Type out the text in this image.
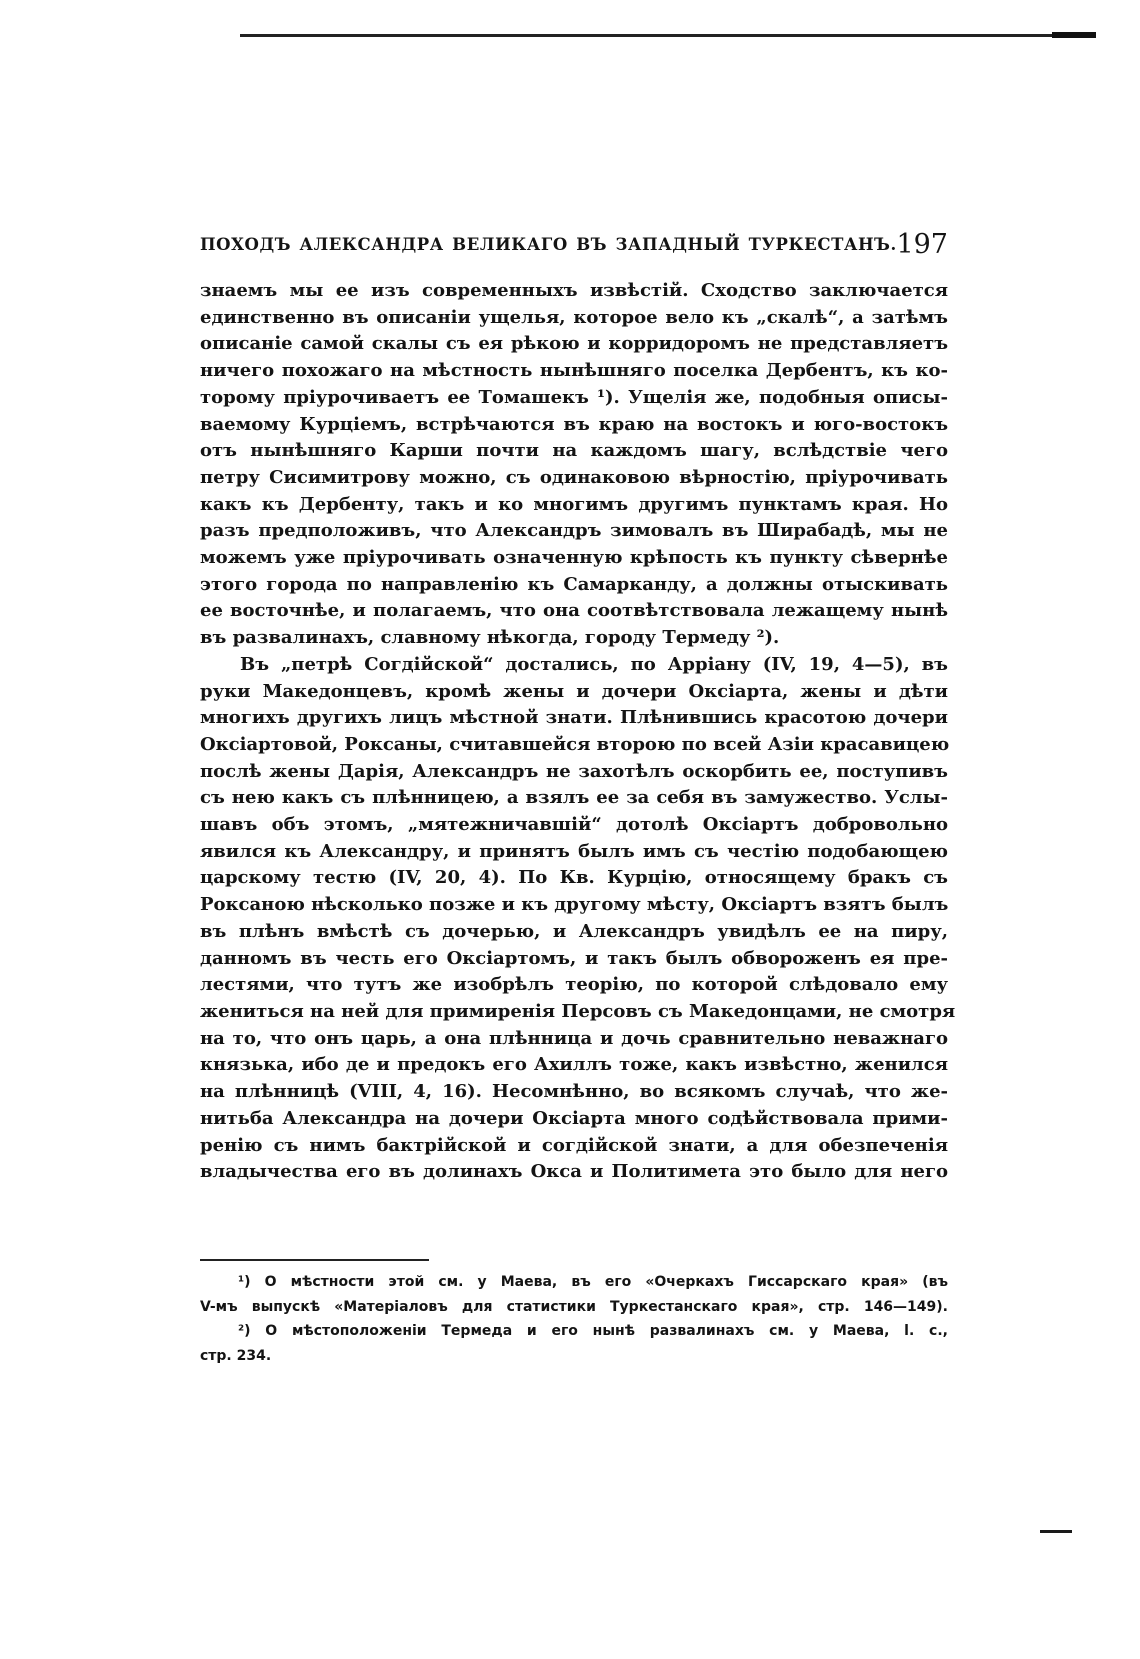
ПОХОДЪ АЛЕКСАНДРА ВЕЛИКАГО ВЪ ЗАПАДНЫЙ ТУРКЕСТАНЪ. 197

знаемъ мы ее изъ современныхъ извѣстій. Сходство заключается
единственно въ описаніи ущелья, которое вело къ „скалѣ“, а затѣмъ
описаніе самой скалы съ ея рѣкою и корридоромъ не представляетъ
ничего похожаго на мѣстность нынѣшняго поселка Дербентъ, къ ко-
торому пріурочиваетъ ее Томашекъ ¹). Ущелія же, подобныя описы-
ваемому Курціемъ, встрѣчаются въ краю на востокъ и юго-востокъ
отъ нынѣшняго Карши почти на каждомъ шагу, вслѣдствіе чего
петру Сисимитрову можно, съ одинаковою вѣрностію, пріурочивать
какъ къ Дербенту, такъ и ко многимъ другимъ пунктамъ края. Но
разъ предположивъ, что Александръ зимовалъ въ Ширабадѣ, мы не
можемъ уже пріурочивать означенную крѣпость къ пункту сѣвернѣе
этого города по направленію къ Самарканду, а должны отыскивать
ее восточнѣе, и полагаемъ, что она соотвѣтствовала лежащему нынѣ
въ развалинахъ, славному нѣкогда, городу Термеду ²).

Въ „петрѣ Согдійской“ достались, по Арріану (IV, 19, 4—5), въ
руки Македонцевъ, кромѣ жены и дочери Оксіарта, жены и дѣти
многихъ другихъ лицъ мѣстной знати. Плѣнившись красотою дочери
Оксіартовой, Роксаны, считавшейся второю по всей Азіи красавицею
послѣ жены Дарія, Александръ не захотѣлъ оскорбить ее, поступивъ
съ нею какъ съ плѣнницею, а взялъ ее за себя въ замужество. Услы-
шавъ объ этомъ, „мятежничавшій“ дотолѣ Оксіартъ добровольно
явился къ Александру, и принятъ былъ имъ съ честію подобающею
царскому тестю (IV, 20, 4). По Кв. Курцію, относящему бракъ съ
Роксаною нѣсколько позже и къ другому мѣсту, Оксіартъ взятъ былъ
въ плѣнъ вмѣстѣ съ дочерью, и Александръ увидѣлъ ее на пиру,
данномъ въ честь его Оксіартомъ, и такъ былъ обвороженъ ея пре-
лестями, что тутъ же изобрѣлъ теорію, по которой слѣдовало ему
жениться на ней для примиренія Персовъ съ Македонцами, не смотря
на то, что онъ царь, а она плѣнница и дочь сравнительно неважнаго
князька, ибо де и предокъ его Ахиллъ тоже, какъ извѣстно, женился
на плѣнницѣ (VIII, 4, 16). Несомнѣнно, во всякомъ случаѣ, что же-
нитьба Александра на дочери Оксіарта много содѣйствовала прими-
ренію съ нимъ бактрійской и согдійской знати, а для обезпеченія
владычества его въ долинахъ Окса и Политимета это было для него

¹) О мѣстности этой см. у Маева, въ его «Очеркахъ Гиссарскаго края» (въ
V-мъ выпускѣ «Матеріаловъ для статистики Туркестанскаго края», стр. 146—149).
²) О мѣстоположеніи Термеда и его нынѣ развалинахъ см. у Маева, l. c.,
стр. 234.
